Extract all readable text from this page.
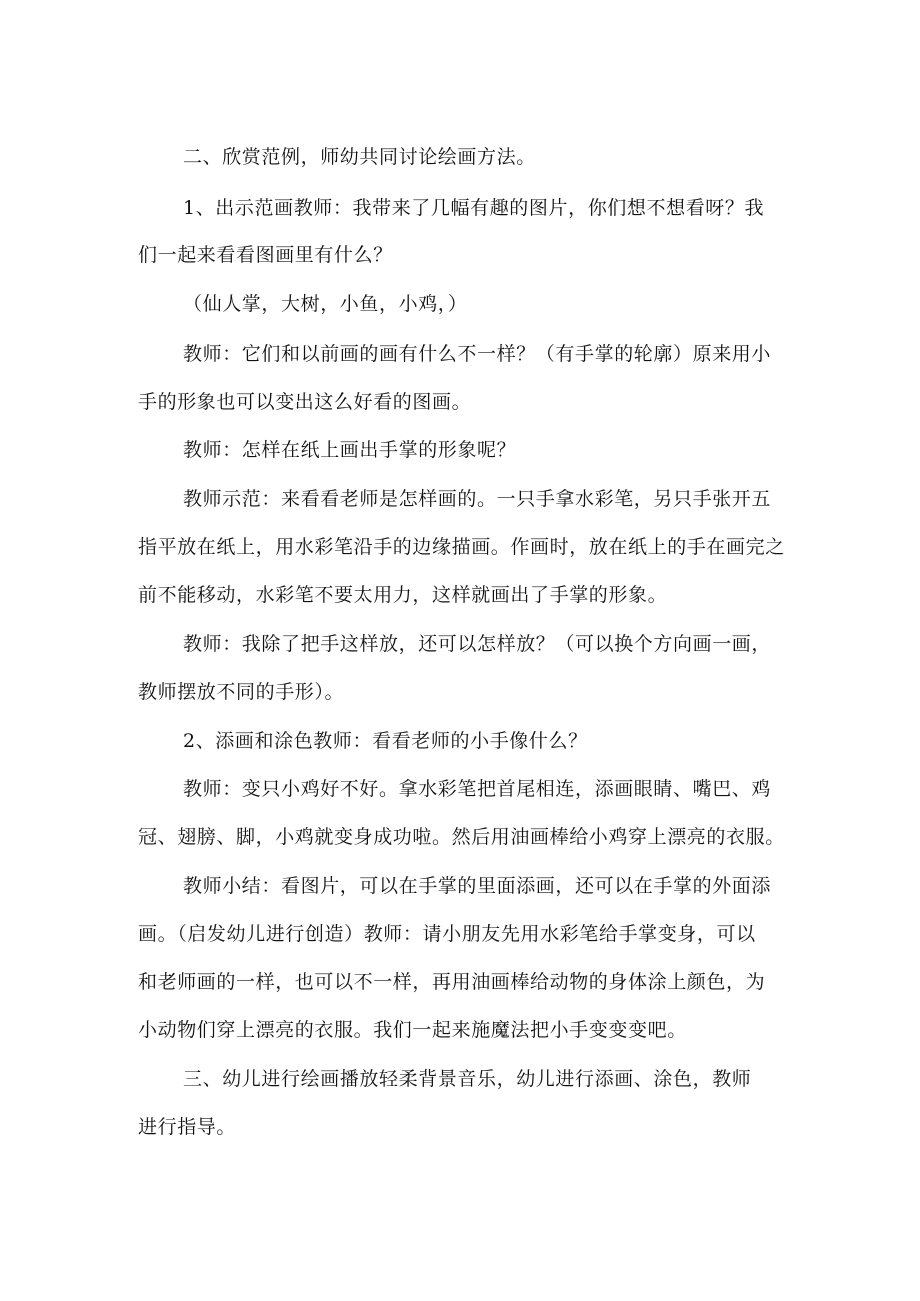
二、欣赏范例，师幼共同讨论绘画方法。
1、出示范画教师：我带来了几幅有趣的图片，你们想不想看呀？我
们一起来看看图画里有什么？
（仙人掌，大树，小鱼，小鸡，）
教师：它们和以前画的画有什么不一样？（有手掌的轮廓）原来用小
手的形象也可以变出这么好看的图画。
教师：怎样在纸上画出手掌的形象呢？
教师示范：来看看老师是怎样画的。一只手拿水彩笔，另只手张开五
指平放在纸上，用水彩笔沿手的边缘描画。作画时，放在纸上的手在画完之
前不能移动，水彩笔不要太用力，这样就画出了手掌的形象。
教师：我除了把手这样放，还可以怎样放？（可以换个方向画一画，
教师摆放不同的手形）。
2、添画和涂色教师：看看老师的小手像什么？
教师：变只小鸡好不好。拿水彩笔把首尾相连，添画眼睛、嘴巴、鸡
冠、翅膀、脚，小鸡就变身成功啦。然后用油画棒给小鸡穿上漂亮的衣服。
教师小结：看图片，可以在手掌的里面添画，还可以在手掌的外面添
画。（启发幼儿进行创造）教师：请小朋友先用水彩笔给手掌变身，可以
和老师画的一样，也可以不一样，再用油画棒给动物的身体涂上颜色，为
小动物们穿上漂亮的衣服。我们一起来施魔法把小手变变变吧。
三、幼儿进行绘画播放轻柔背景音乐，幼儿进行添画、涂色，教师
进行指导。
